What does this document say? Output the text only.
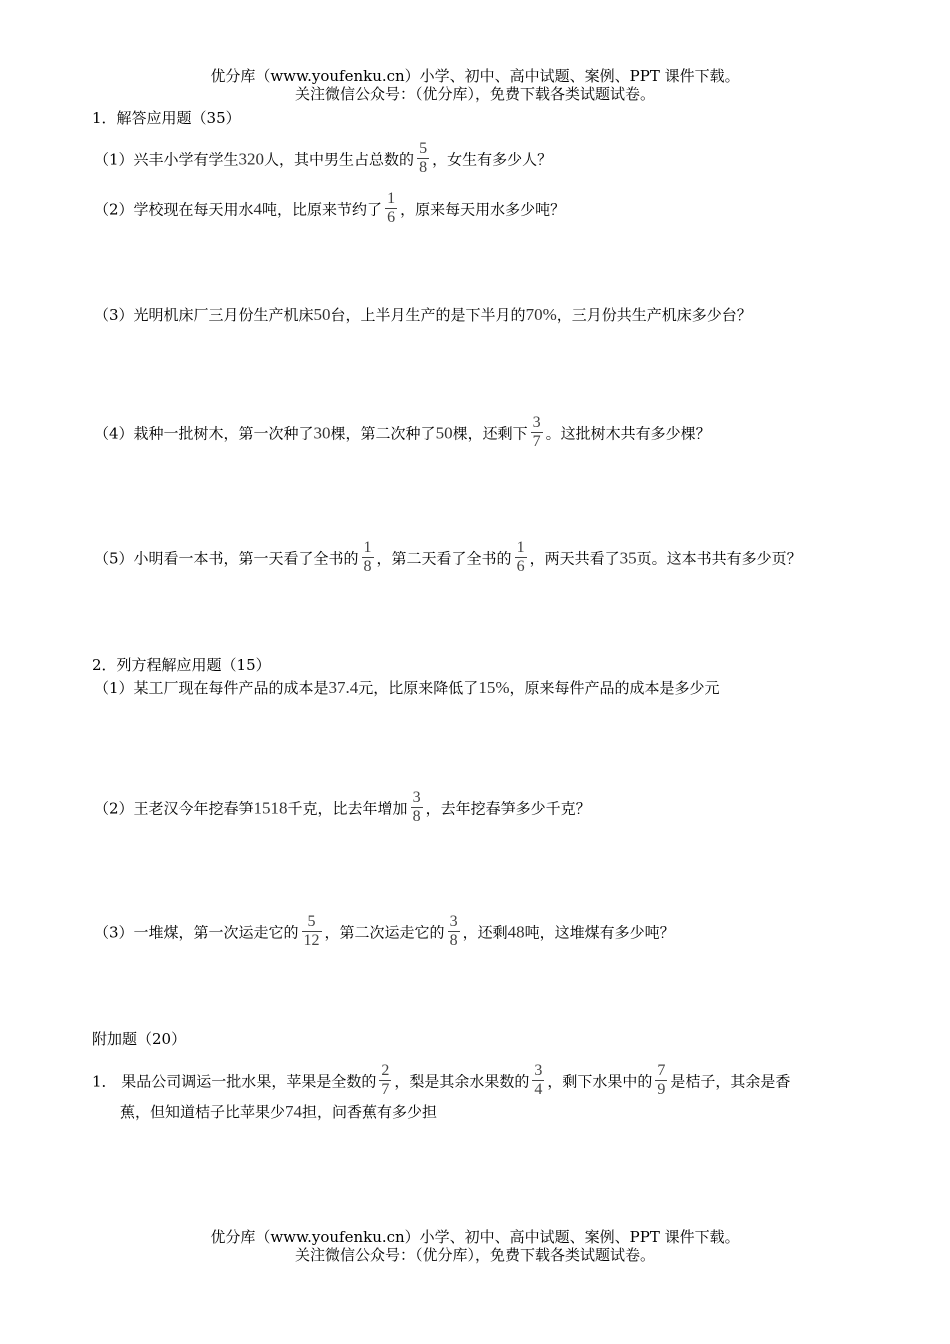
优分库（www.youfenku.cn）小学、初中、高中试题、案例、PPT 课件下载。
关注微信公众号：（优分库），免费下载各类试题试卷。
1．解答应用题（35）
（1）兴丰小学有学生320人，其中男生占总数的 $\frac{5}{8}$ ，女生有多少人？
（2）学校现在每天用水4吨，比原来节约了 $\frac{1}{6}$ ，原来每天用水多少吨？
（3）光明机床厂三月份生产机床50台，上半月生产的是下半月的70%，三月份共生产机床多少台？
（4）栽种一批树木，第一次种了30棵，第二次种了50棵，还剩下 $\frac{3}{7}$ 。这批树木共有多少棵？
（5）小明看一本书，第一天看了全书的 $\frac{1}{8}$ ，第二天看了全书的 $\frac{1}{6}$ ，两天共看了35页。这本书共有多少页？
2．列方程解应用题（15）
（1）某工厂现在每件产品的成本是37.4元，比原来降低了15%，原来每件产品的成本是多少元
（2）王老汉今年挖春笋1518千克，比去年增加 $\frac{3}{8}$ ，去年挖春笋多少千克？
（3）一堆煤，第一次运走它的 $\frac{5}{12}$ ，第二次运走它的 $\frac{3}{8}$ ，还剩48吨，这堆煤有多少吨？
附加题（20）
1． 果品公司调运一批水果，苹果是全数的 $\frac{2}{7}$ ，梨是其余水果数的 $\frac{3}{4}$ ，剩下水果中的 $\frac{7}{9}$ 是桔子，其余是香
蕉，但知道桔子比苹果少74担，问香蕉有多少担
优分库（www.youfenku.cn）小学、初中、高中试题、案例、PPT 课件下载。
关注微信公众号：（优分库），免费下载各类试题试卷。
